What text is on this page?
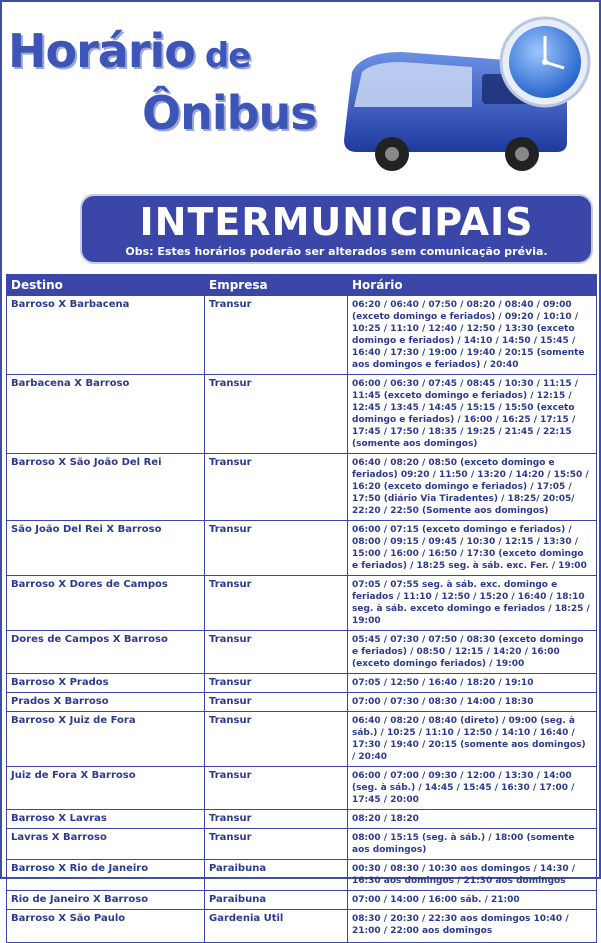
Horário de
Ônibus
INTERMUNICIPAIS
Obs: Estes horários poderão ser alterados sem comunicação prévia.
Destino	Empresa	Horário
Barroso X Barbacena	Transur	06:20 / 06:40 / 07:50 / 08:20 / 08:40 / 09:00 (exceto domingo e feriados) / 09:20 / 10:10 / 10:25 / 11:10 / 12:40 / 12:50 / 13:30 (exceto domingo e feriados) / 14:10 / 14:50 / 15:45 / 16:40 / 17:30 / 19:00 / 19:40 / 20:15 (somente aos domingos e feriados) / 20:40
Barbacena X Barroso	Transur	06:00 / 06:30 / 07:45 / 08:45 / 10:30 / 11:15 / 11:45 (exceto domingo e feriados) / 12:15 / 12:45 / 13:45 / 14:45 / 15:15 / 15:50 (exceto domingo e feriados) / 16:00 / 16:25 / 17:15 / 17:45 / 17:50 / 18:35 / 19:25 / 21:45 / 22:15 (somente aos domingos)
Barroso X São João Del Rei	Transur	06:40 / 08:20 / 08:50 (exceto domingo e feriados) 09:20 / 11:50 / 13:20 / 14:20 / 15:50 / 16:20 (exceto domingo e feriados) / 17:05 / 17:50 (diário Via Tiradentes) / 18:25/ 20:05/ 22:20 / 22:50 (Somente aos domingos)
São João Del Rei X Barroso	Transur	06:00 / 07:15 (exceto domingo e feriados) / 08:00 / 09:15 / 09:45 / 10:30 / 12:15 / 13:30 / 15:00 / 16:00 / 16:50 / 17:30 (exceto domingo e feriados) / 18:25 seg. à sáb. exc. Fer. / 19:00
Barroso X Dores de Campos	Transur	07:05 / 07:55 seg. à sáb. exc. domingo e feriados / 11:10 / 12:50 / 15:20 / 16:40 / 18:10 seg. à sáb. exceto domingo e feriados / 18:25 / 19:00
Dores de Campos X Barroso	Transur	05:45 / 07:30 / 07:50 / 08:30 (exceto domingo e feriados) / 08:50 / 12:15 / 14:20 / 16:00 (exceto domingo feriados) / 19:00
Barroso X Prados	Transur	07:05 / 12:50 / 16:40 / 18:20 / 19:10
Prados X Barroso	Transur	07:00 / 07:30 / 08:30 / 14:00 / 18:30
Barroso X Juiz de Fora	Transur	06:40 / 08:20 / 08:40 (direto) / 09:00 (seg. à sáb.) / 10:25 / 11:10 / 12:50 / 14:10 / 16:40 / 17:30 / 19:40 / 20:15 (somente aos domingos) / 20:40
Juiz de Fora X Barroso	Transur	06:00 / 07:00 / 09:30 / 12:00 / 13:30 / 14:00 (seg. à sáb.) / 14:45 / 15:45 / 16:30 / 17:00 / 17:45 / 20:00
Barroso X Lavras	Transur	08:20 / 18:20
Lavras X Barroso	Transur	08:00 / 15:15 (seg. à sáb.) / 18:00 (somente aos domingos)
Barroso X Rio de Janeiro	Paraibuna	00:30 / 08:30 / 10:30 aos domingos / 14:30 / 16:30 aos domingos / 21:30 aos domingos
Rio de Janeiro X Barroso	Paraibuna	07:00 / 14:00 / 16:00 sáb. / 21:00
Barroso X São Paulo	Gardenia Util	08:30 / 20:30 / 22:30 aos domingos 10:40 / 21:00 / 22:00 aos domingos
